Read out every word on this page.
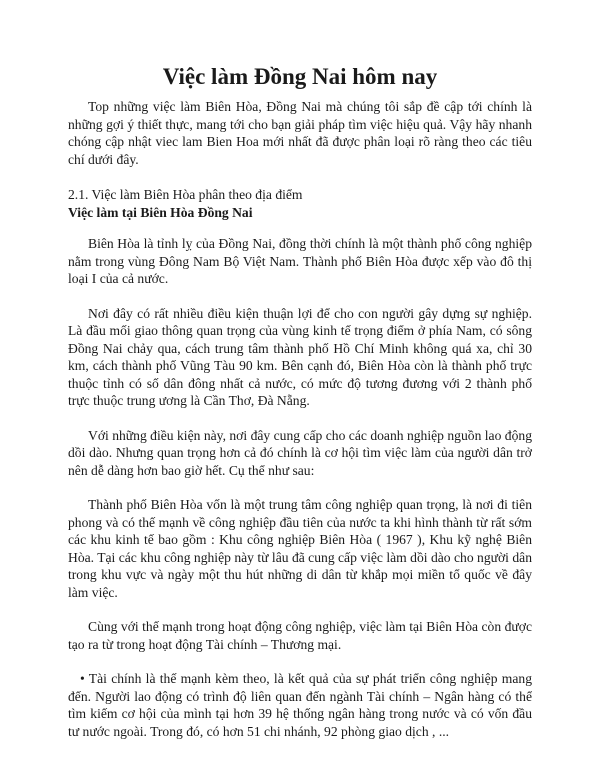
Việc làm Đồng Nai hôm nay

Top những việc làm Biên Hòa, Đồng Nai mà chúng tôi sắp đề cập tới chính là những gợi ý thiết thực, mang tới cho bạn giải pháp tìm việc hiệu quả. Vậy hãy nhanh chóng cập nhật viec lam Bien Hoa mới nhất đã được phân loại rõ ràng theo các tiêu chí dưới đây.

2.1. Việc làm Biên Hòa phân theo địa điểm
Việc làm tại Biên Hòa Đồng Nai

Biên Hòa là tỉnh lỵ của Đồng Nai, đồng thời chính là một thành phố công nghiệp nằm trong vùng Đông Nam Bộ Việt Nam. Thành phố Biên Hòa được xếp vào đô thị loại I của cả nước.

Nơi đây có rất nhiều điều kiện thuận lợi để cho con người gây dựng sự nghiệp. Là đầu mối giao thông quan trọng của vùng kinh tế trọng điểm ở phía Nam, có sông Đồng Nai chảy qua, cách trung tâm thành phố Hồ Chí Minh không quá xa, chỉ 30 km, cách thành phố Vũng Tàu 90 km. Bên cạnh đó, Biên Hòa còn là thành phố trực thuộc tỉnh có số dân đông nhất cả nước, có mức độ tương đương với 2 thành phố trực thuộc trung ương là Cần Thơ, Đà Nẵng.

Với những điều kiện này, nơi đây cung cấp cho các doanh nghiệp nguồn lao động dồi dào. Nhưng quan trọng hơn cả đó chính là cơ hội tìm việc làm của người dân trở nên dễ dàng hơn bao giờ hết. Cụ thể như sau:

Thành phố Biên Hòa vốn là một trung tâm công nghiệp quan trọng, là nơi đi tiên phong và có thế mạnh về công nghiệp đầu tiên của nước ta khi hình thành từ rất sớm các khu kinh tế bao gồm : Khu công nghiệp Biên Hòa ( 1967 ), Khu kỹ nghệ Biên Hòa. Tại các khu công nghiệp này từ lâu đã cung cấp việc làm dồi dào cho người dân trong khu vực và ngày một thu hút những di dân từ khắp mọi miền tổ quốc về đây làm việc.

Cùng với thế mạnh trong hoạt động công nghiệp, việc làm tại Biên Hòa còn được tạo ra từ trong hoạt động Tài chính – Thương mại.

• Tài chính là thế mạnh kèm theo, là kết quả của sự phát triển công nghiệp mang đến. Người lao động có trình độ liên quan đến ngành Tài chính – Ngân hàng có thể tìm kiếm cơ hội của mình tại hơn 39 hệ thống ngân hàng trong nước và có vốn đầu tư nước ngoài. Trong đó, có hơn 51 chi nhánh, 92 phòng giao dịch , ...
